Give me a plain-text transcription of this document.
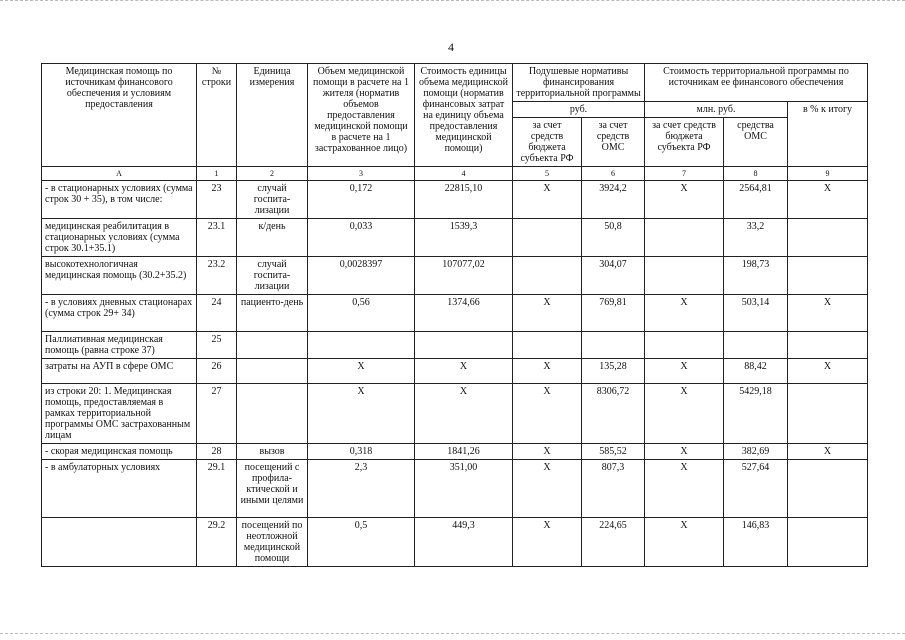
4
Медицинская помощь по источникам финансового обеспечения и условиям предоставления	№ строки	Единица измерения	Объем медицинской помощи в расчете на 1 жителя (норматив объемов предоставления медицинской помощи в расчете на 1 застрахованное лицо)	Стоимость единицы объема медицинской помощи (норматив финансовых затрат на единицу объема предоставления медицинской помощи)	Подушевые нормативы финансирования территориальной программы		Стоимость территориальной программы по источникам ее финансового обеспечения		
					руб.		млн. руб.		в % к итогу
					за счет средств бюджета субъекта РФ	за счет средств ОМС	за счет средств бюджета субъекта РФ	средства ОМС	
А	1	2	3	4	5	6	7	8	9
- в стационарных условиях (сумма строк 30 + 35), в том числе:	23	случай госпита-лизации	0,172	22815,10	X	3924,2	X	2564,81	X
медицинская реабилитация в стационарных условиях (сумма строк 30.1+35.1)	23.1	к/день	0,033	1539,3		50,8		33,2	
высокотехнологичная медицинская помощь (30.2+35.2)	23.2	случай госпита-лизации	0,0028397	107077,02		304,07		198,73	
- в условиях дневных стационарах (сумма строк 29+ 34)	24	пациенто-день	0,56	1374,66	X	769,81	X	503,14	X
Паллиативная медицинская помощь (равна строке 37)	25								
затраты на АУП в сфере ОМС	26		X	X	X	135,28	X	88,42	X
из строки 20: 1. Медицинская помощь, предоставляемая в рамках территориальной программы ОМС застрахованным лицам	27		X	X	X	8306,72	X	5429,18	
- скорая медицинская помощь	28	вызов	0,318	1841,26	X	585,52	X	382,69	X
- в амбулаторных условиях	29.1	посещений с профила-ктической и иными целями	2,3	351,00	X	807,3	X	527,64	
	29.2	посещений по неотложной медицинской помощи	0,5	449,3	X	224,65	X	146,83	
